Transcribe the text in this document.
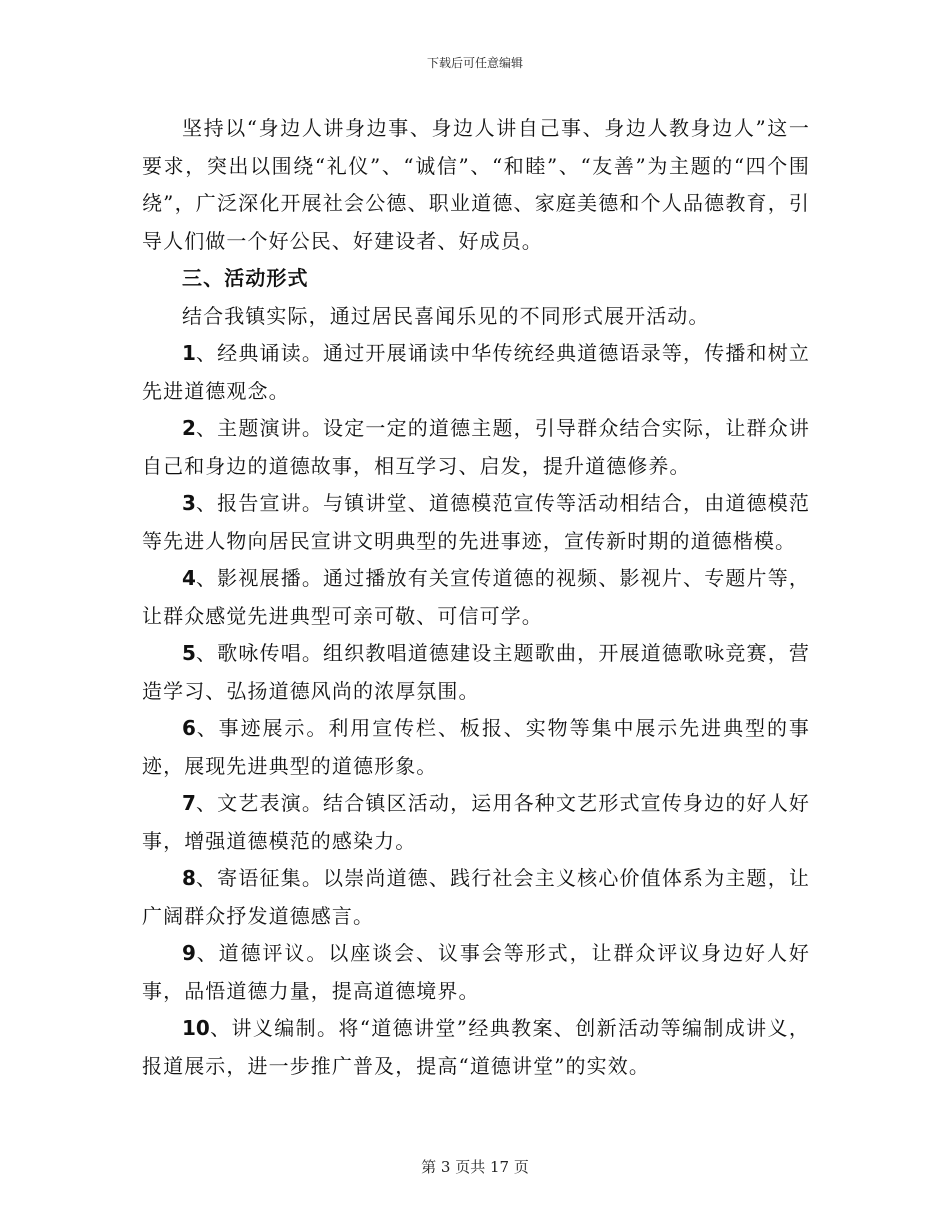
下载后可任意编辑

坚持以“身边人讲身边事、身边人讲自己事、身边人教身边人”这一要求，突出以围绕“礼仪”、“诚信”、“和睦”、“友善”为主题的“四个围绕”，广泛深化开展社会公德、职业道德、家庭美德和个人品德教育，引导人们做一个好公民、好建设者、好成员。

三、活动形式

结合我镇实际，通过居民喜闻乐见的不同形式展开活动。

1、经典诵读。通过开展诵读中华传统经典道德语录等，传播和树立先进道德观念。

2、主题演讲。设定一定的道德主题，引导群众结合实际，让群众讲自己和身边的道德故事，相互学习、启发，提升道德修养。

3、报告宣讲。与镇讲堂、道德模范宣传等活动相结合，由道德模范等先进人物向居民宣讲文明典型的先进事迹，宣传新时期的道德楷模。

4、影视展播。通过播放有关宣传道德的视频、影视片、专题片等，让群众感觉先进典型可亲可敬、可信可学。

5、歌咏传唱。组织教唱道德建设主题歌曲，开展道德歌咏竞赛，营造学习、弘扬道德风尚的浓厚氛围。

6、事迹展示。利用宣传栏、板报、实物等集中展示先进典型的事迹，展现先进典型的道德形象。

7、文艺表演。结合镇区活动，运用各种文艺形式宣传身边的好人好事，增强道德模范的感染力。

8、寄语征集。以崇尚道德、践行社会主义核心价值体系为主题，让广阔群众抒发道德感言。

9、道德评议。以座谈会、议事会等形式，让群众评议身边好人好事，品悟道德力量，提高道德境界。

10、讲义编制。将“道德讲堂”经典教案、创新活动等编制成讲义，报道展示，进一步推广普及，提高“道德讲堂”的实效。

第 3 页共 17 页
